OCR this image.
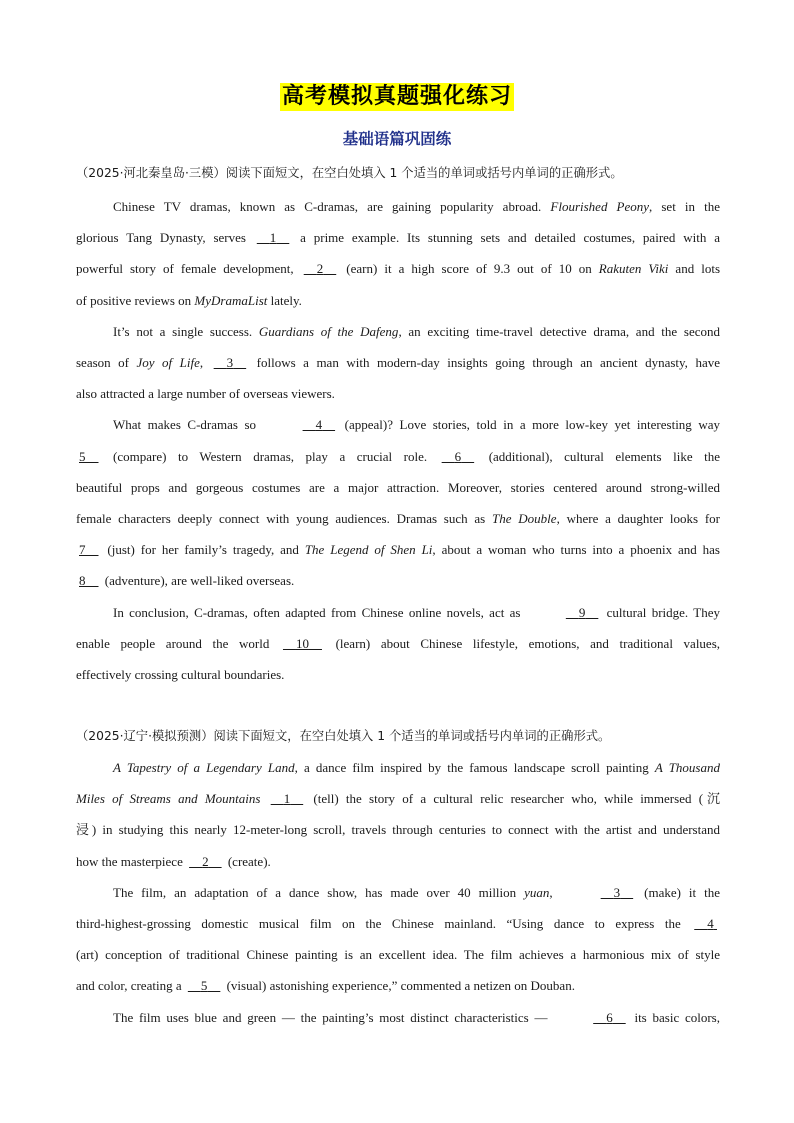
高考模拟真题强化练习
基础语篇巩固练
（2025·河北秦皇岛·三模）阅读下面短文，在空白处填入 1 个适当的单词或括号内单词的正确形式。

Chinese TV dramas, known as C-dramas, are gaining popularity abroad. Flourished Peony, set in the
glorious Tang Dynasty, serves     1     a prime example. Its stunning sets and detailed costumes, paired with a
powerful story of female development,     2 (earn) it a high score of 9.3 out of 10 on Rakuten Viki and lots
of positive reviews on MyDramaList lately.

It’s not a single success. Guardians of the Dafeng, an exciting time-travel detective drama, and the second
season of Joy of Life,     3     follows a man with modern-day insights going through an ancient dynasty, have
also attracted a large number of overseas viewers.

What makes C-dramas so	4 (appeal)? Love stories, told in a more low-key yet interesting way
5 (compare) to Western dramas, play a crucial role.     6 (additional), cultural elements like the
beautiful props and gorgeous costumes are a major attraction. Moreover, stories centered around strong-willed
female characters deeply connect with young audiences. Dramas such as The Double, where a daughter looks for
7 (just) for her family’s tragedy, and The Legend of Shen Li, about a woman who turns into a phoenix and has
8 (adventure), are well-liked overseas.

In conclusion, C-dramas, often adapted from Chinese online novels, act as	9     cultural bridge. They
enable people around the world     10 (learn) about Chinese lifestyle, emotions, and traditional values,
effectively crossing cultural boundaries.

（2025·辽宁·模拟预测）阅读下面短文，在空白处填入 1 个适当的单词或括号内单词的正确形式。

A Tapestry of a Legendary Land, a dance film inspired by the famous landscape scroll painting A Thousand
Miles of Streams and Mountains 1 (tell) the story of a cultural relic researcher who, while immersed (沉
浸) in studying this nearly 12-meter-long scroll, travels through centuries to connect with the artist and understand
how the masterpiece     2 (create).

The film, an adaptation of a dance show, has made over 40 million yuan,	3 (make) it the
third-highest-grossing domestic musical film on the Chinese mainland. “Using dance to express the     4
(art) conception of traditional Chinese painting is an excellent idea. The film achieves a harmonious mix of style
and color, creating a     5 (visual) astonishing experience,” commented a netizen on Douban.

The film uses blue and green — the painting’s most distinct characteristics —	6     its basic colors,
